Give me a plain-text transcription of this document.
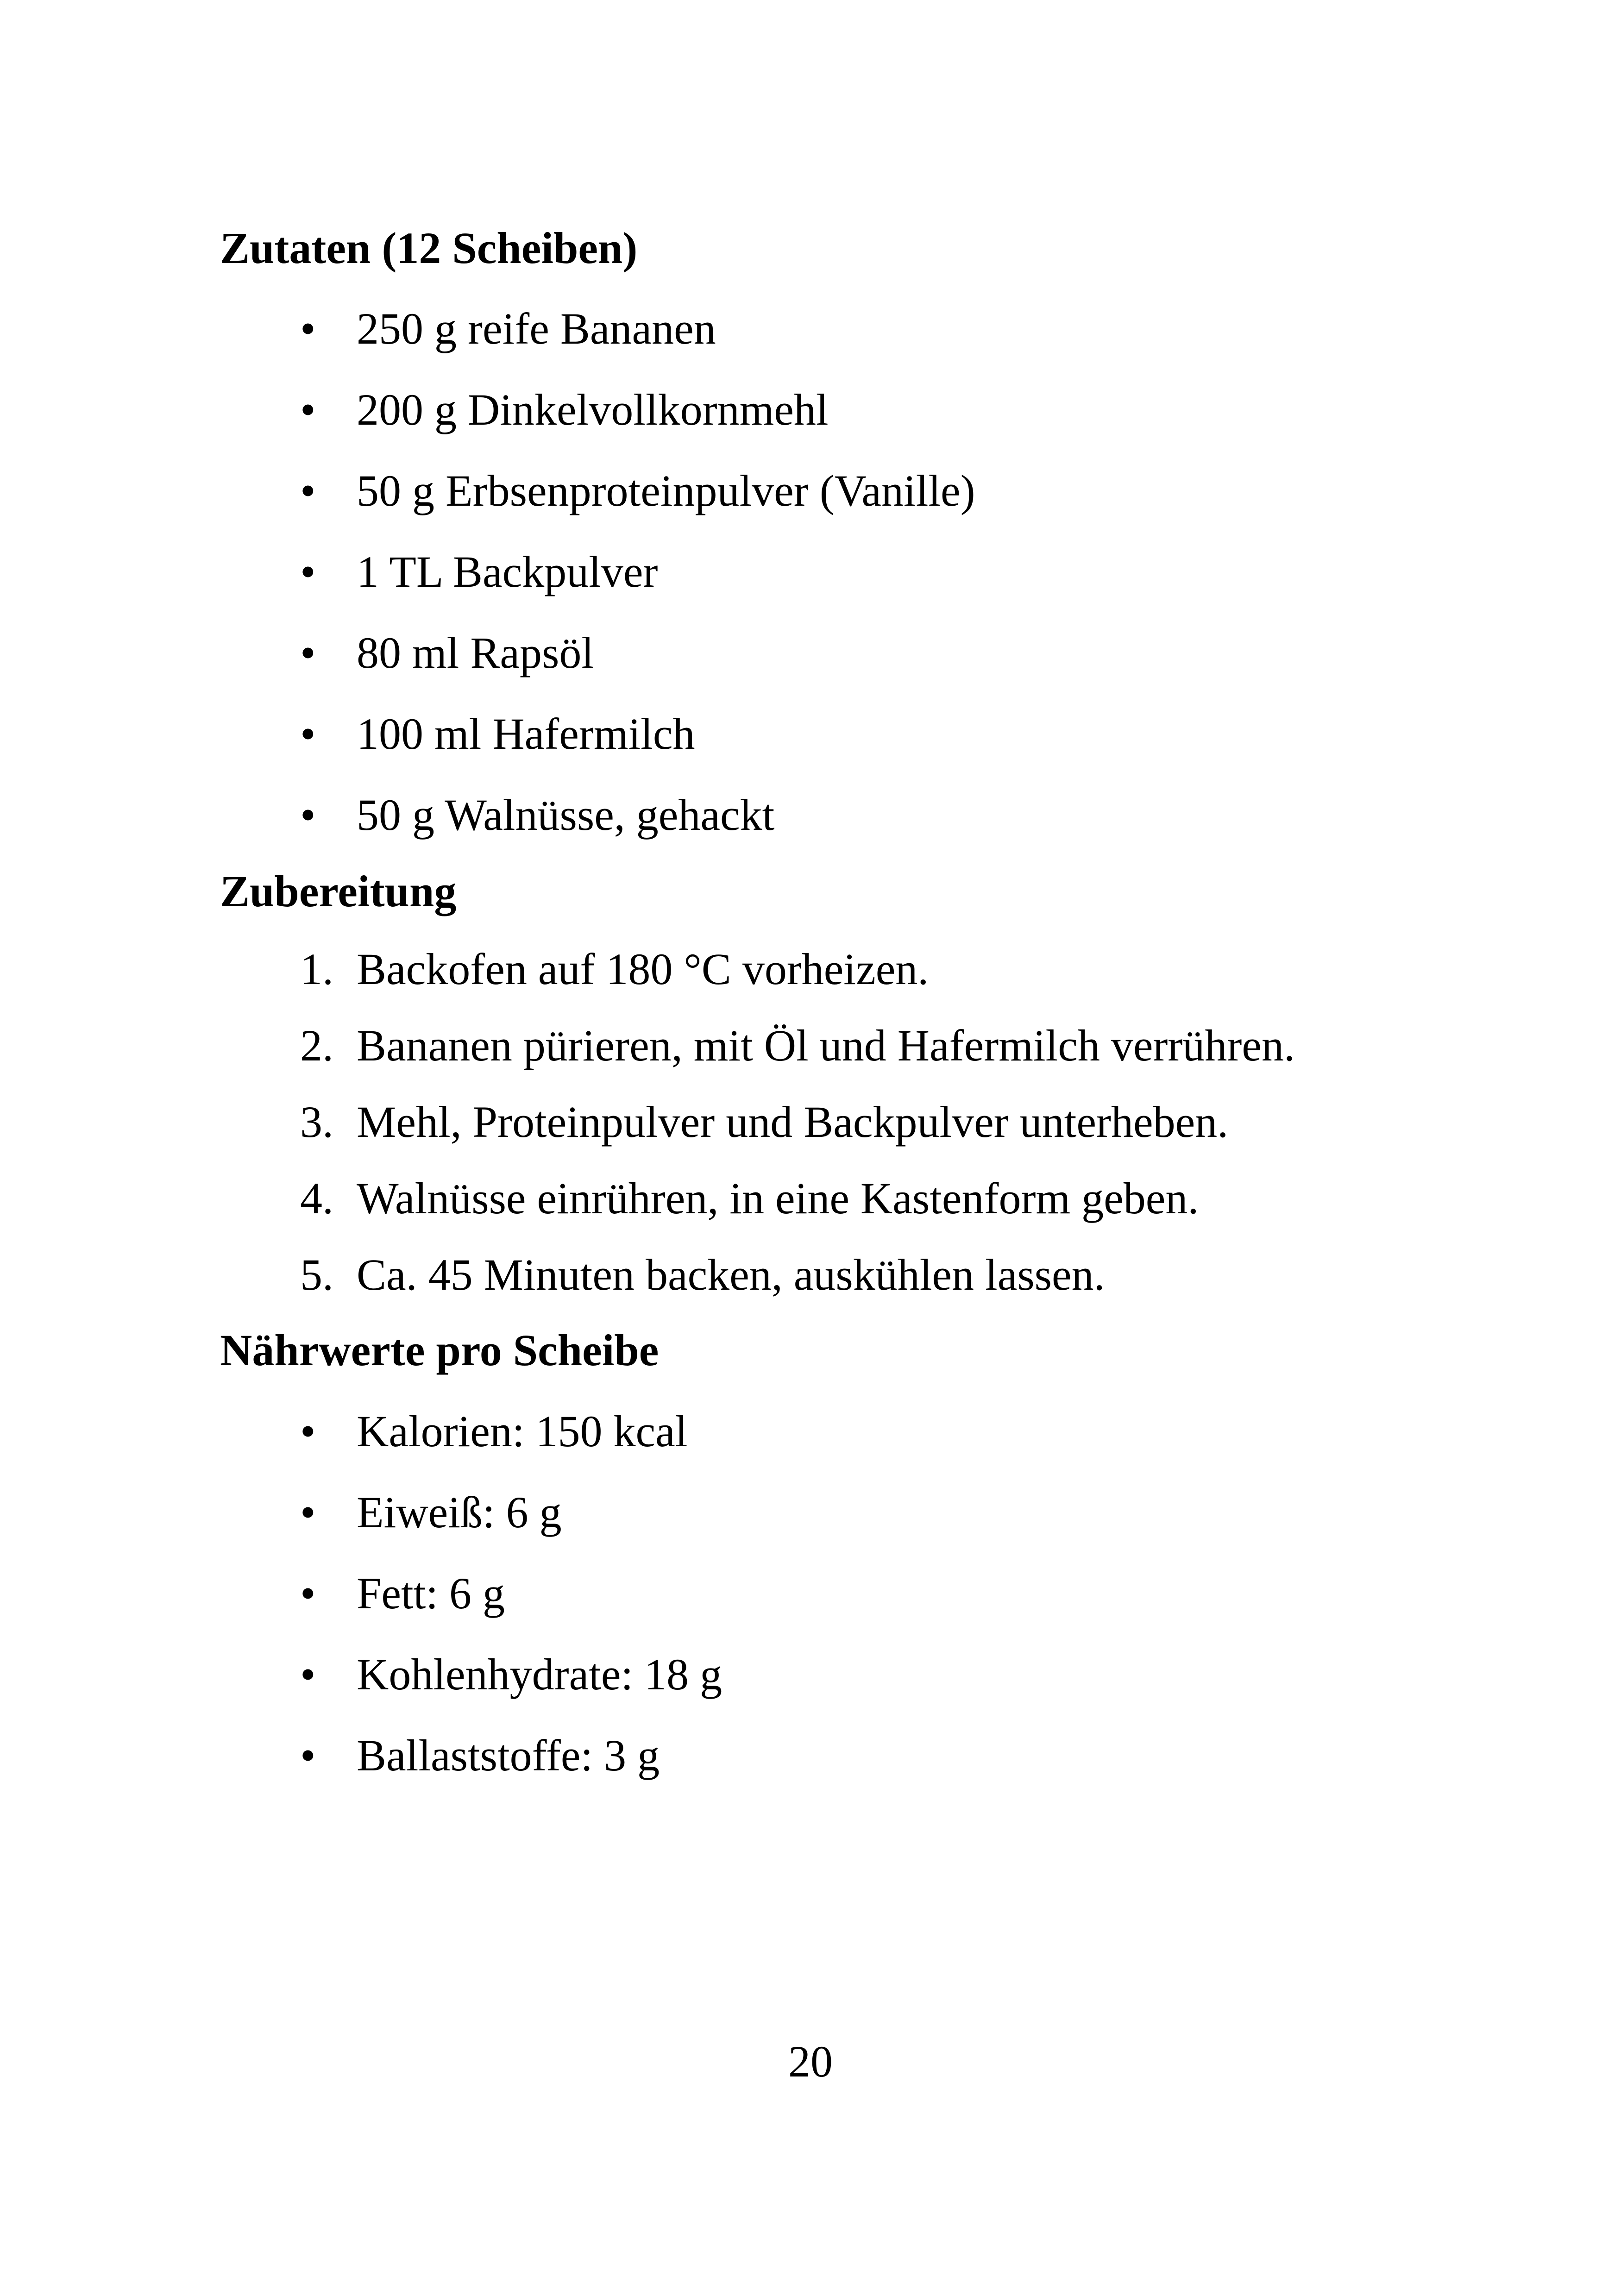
Zutaten (12 Scheiben)
• 250 g reife Bananen
• 200 g Dinkelvollkornmehl
• 50 g Erbsenproteinpulver (Vanille)
• 1 TL Backpulver
• 80 ml Rapsöl
• 100 ml Hafermilch
• 50 g Walnüsse, gehackt
Zubereitung
1. Backofen auf 180 °C vorheizen.
2. Bananen pürieren, mit Öl und Hafermilch verrühren.
3. Mehl, Proteinpulver und Backpulver unterheben.
4. Walnüsse einrühren, in eine Kastenform geben.
5. Ca. 45 Minuten backen, auskühlen lassen.
Nährwerte pro Scheibe
• Kalorien: 150 kcal
• Eiweiß: 6 g
• Fett: 6 g
• Kohlenhydrate: 18 g
• Ballaststoffe: 3 g
20
